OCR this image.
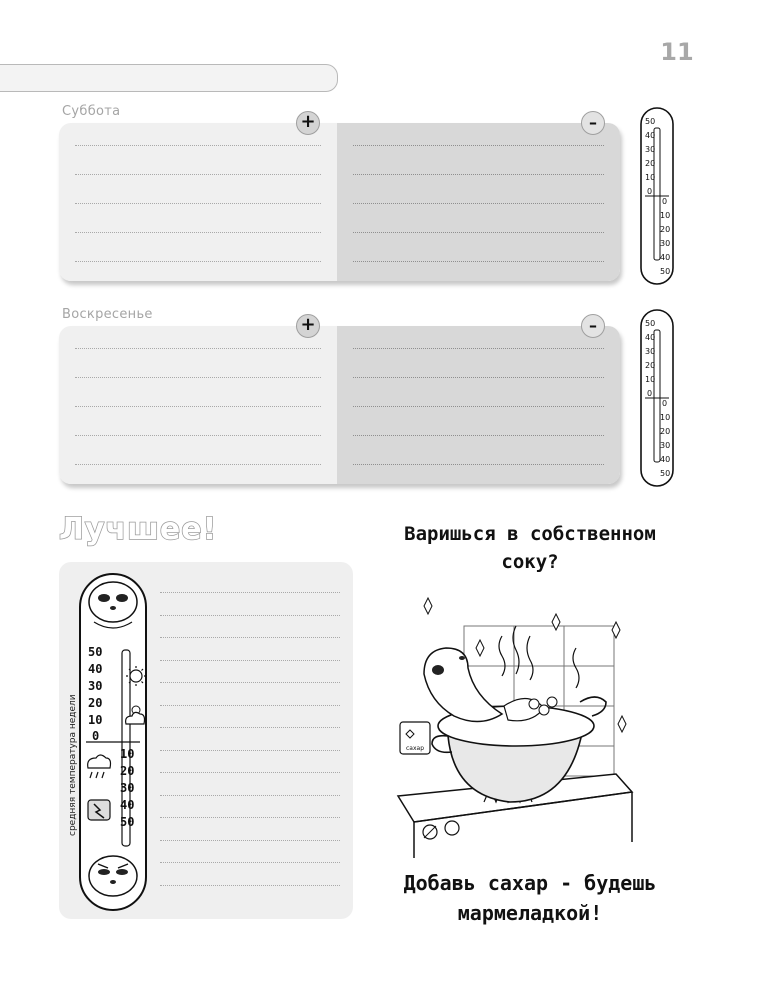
11
Суббота	+	–	50
40
30
20
10
0
0
10
20
30
40
50
Воскресенье	+	–	50
40
30
20
10
0
0
10
20
30
40
50
Лучшее!
50
40
30
20
10
0
10
20
30
40
50
средняя температура недели
Варишься в собственном
соку?
сахар
Добавь сахар - будешь
мармеладкой!
